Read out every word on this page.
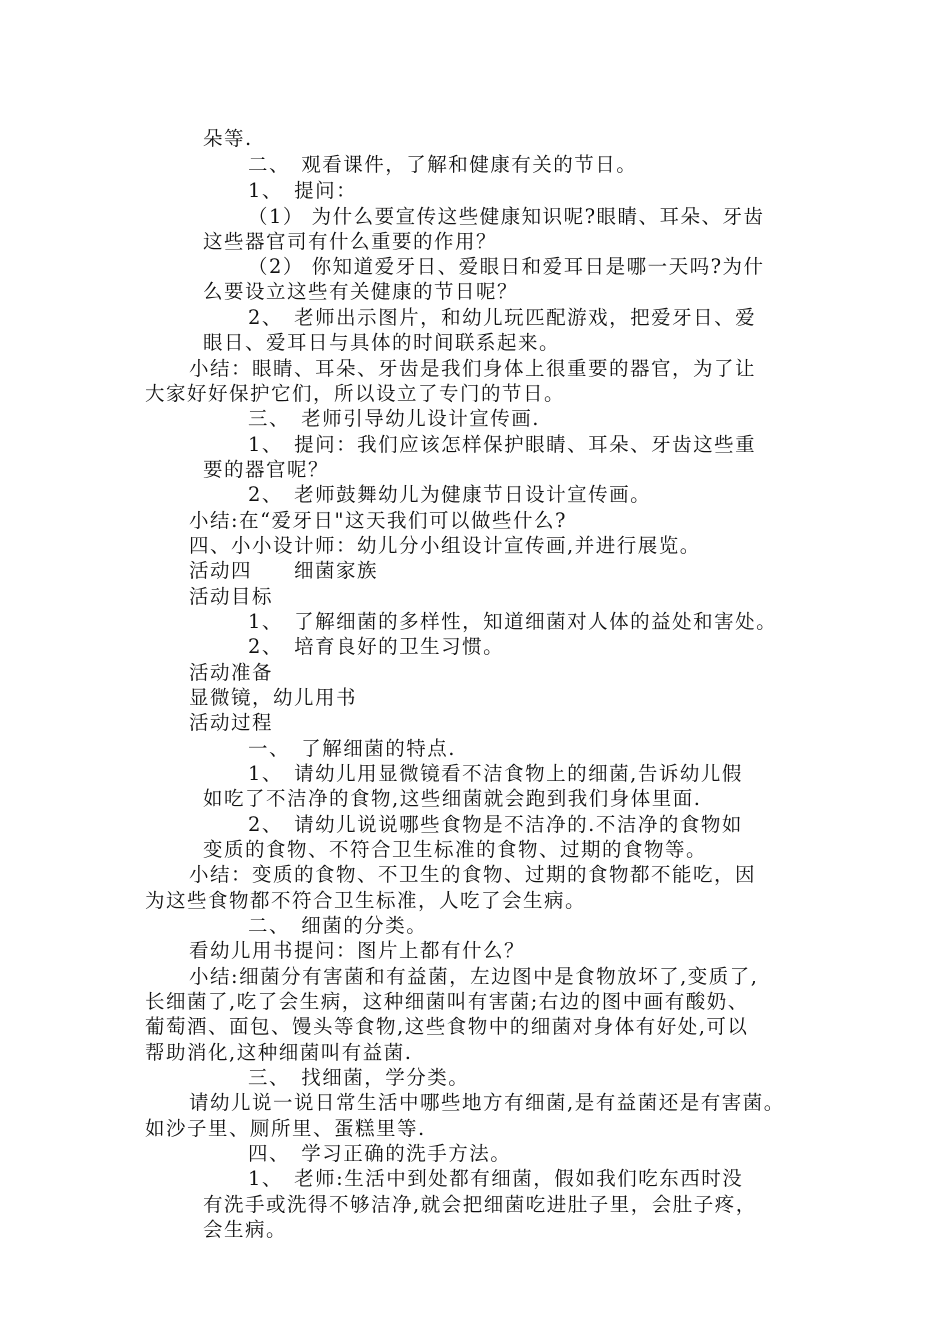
朵等.
二、　观看课件，了解和健康有关的节日。
1、　提问：
（1） 为什么要宣传这些健康知识呢?眼睛、耳朵、牙齿
这些器官司有什么重要的作用？
（2） 你知道爱牙日、爱眼日和爱耳日是哪一天吗?为什
么要设立这些有关健康的节日呢？
2、　老师出示图片，和幼儿玩匹配游戏，把爱牙日、爱
眼日、爱耳日与具体的时间联系起来。
小结：眼睛、耳朵、牙齿是我们身体上很重要的器官，为了让
大家好好保护它们，所以设立了专门的节日。
三、　老师引导幼儿设计宣传画.
1、　提问：我们应该怎样保护眼睛、耳朵、牙齿这些重
要的器官呢？
2、　老师鼓舞幼儿为健康节日设计宣传画。
小结:在“爱牙日"这天我们可以做些什么?
四、小小设计师：幼儿分小组设计宣传画,并进行展览。
活动四　　细菌家族
活动目标
1、　了解细菌的多样性，知道细菌对人体的益处和害处。
2、　培育良好的卫生习惯。
活动准备
显微镜，幼儿用书
活动过程
一、　了解细菌的特点.
1、　请幼儿用显微镜看不洁食物上的细菌,告诉幼儿假
如吃了不洁净的食物,这些细菌就会跑到我们身体里面.
2、　请幼儿说说哪些食物是不洁净的.不洁净的食物如
变质的食物、不符合卫生标准的食物、过期的食物等。
小结：变质的食物、不卫生的食物、过期的食物都不能吃，因
为这些食物都不符合卫生标准，人吃了会生病。
二、　细菌的分类。
看幼儿用书提问：图片上都有什么？
小结:细菌分有害菌和有益菌，左边图中是食物放坏了,变质了,
长细菌了,吃了会生病，这种细菌叫有害菌;右边的图中画有酸奶、
葡萄酒、面包、馒头等食物,这些食物中的细菌对身体有好处,可以
帮助消化,这种细菌叫有益菌.
三、　找细菌，学分类。
请幼儿说一说日常生活中哪些地方有细菌,是有益菌还是有害菌。
如沙子里、厕所里、蛋糕里等.
四、　学习正确的洗手方法。
1、　老师:生活中到处都有细菌，假如我们吃东西时没
有洗手或洗得不够洁净,就会把细菌吃进肚子里，会肚子疼，
会生病。
